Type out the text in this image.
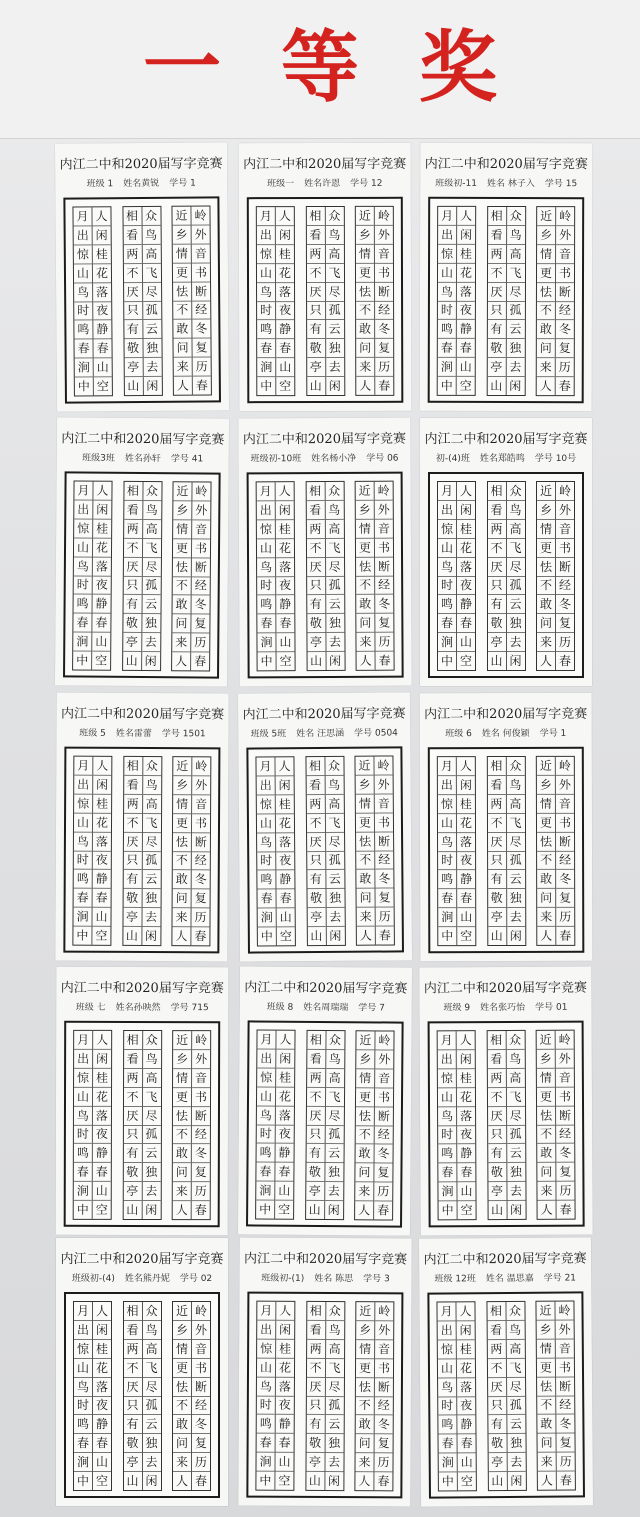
一等奖
内江二中和2020届写字竞赛
班级 1 姓名黄锐 学号 1
月
出
惊
山
鸟
时
鸣
春
涧
中
人
闲
桂
花
落
夜
静
春
山
空
相
看
两
不
厌
只
有
敬
亭
山
众
鸟
高
飞
尽
孤
云
独
去
闲
近
乡
情
更
怯
不
敢
问
来
人
岭
外
音
书
断
经
冬
复
历
春
内江二中和2020届写字竞赛
班级一 姓名许恩 学号 12
月
出
惊
山
鸟
时
鸣
春
涧
中
人
闲
桂
花
落
夜
静
春
山
空
相
看
两
不
厌
只
有
敬
亭
山
众
鸟
高
飞
尽
孤
云
独
去
闲
近
乡
情
更
怯
不
敢
问
来
人
岭
外
音
书
断
经
冬
复
历
春
内江二中和2020届写字竞赛
班级初-11 姓名 林子入 学号 15
月
出
惊
山
鸟
时
鸣
春
涧
中
人
闲
桂
花
落
夜
静
春
山
空
相
看
两
不
厌
只
有
敬
亭
山
众
鸟
高
飞
尽
孤
云
独
去
闲
近
乡
情
更
怯
不
敢
问
来
人
岭
外
音
书
断
经
冬
复
历
春
内江二中和2020届写字竞赛
班级3班 姓名孙轩 学号 41
月
出
惊
山
鸟
时
鸣
春
涧
中
人
闲
桂
花
落
夜
静
春
山
空
相
看
两
不
厌
只
有
敬
亭
山
众
鸟
高
飞
尽
孤
云
独
去
闲
近
乡
情
更
怯
不
敢
问
来
人
岭
外
音
书
断
经
冬
复
历
春
内江二中和2020届写字竞赛
班级初-10班 姓名杨小净 学号 06
月
出
惊
山
鸟
时
鸣
春
涧
中
人
闲
桂
花
落
夜
静
春
山
空
相
看
两
不
厌
只
有
敬
亭
山
众
鸟
高
飞
尽
孤
云
独
去
闲
近
乡
情
更
怯
不
敢
问
来
人
岭
外
音
书
断
经
冬
复
历
春
内江二中和2020届写字竞赛
初-(4)班 姓名郑皓鸣 学号 10号
月
出
惊
山
鸟
时
鸣
春
涧
中
人
闲
桂
花
落
夜
静
春
山
空
相
看
两
不
厌
只
有
敬
亭
山
众
鸟
高
飞
尽
孤
云
独
去
闲
近
乡
情
更
怯
不
敢
问
来
人
岭
外
音
书
断
经
冬
复
历
春
内江二中和2020届写字竞赛
班级 5 姓名雷蕾 学号 1501
月
出
惊
山
鸟
时
鸣
春
涧
中
人
闲
桂
花
落
夜
静
春
山
空
相
看
两
不
厌
只
有
敬
亭
山
众
鸟
高
飞
尽
孤
云
独
去
闲
近
乡
情
更
怯
不
敢
问
来
人
岭
外
音
书
断
经
冬
复
历
春
内江二中和2020届写字竞赛
班级 5班 姓名 汪思涵 学号 0504
月
出
惊
山
鸟
时
鸣
春
涧
中
人
闲
桂
花
落
夜
静
春
山
空
相
看
两
不
厌
只
有
敬
亭
山
众
鸟
高
飞
尽
孤
云
独
去
闲
近
乡
情
更
怯
不
敢
问
来
人
岭
外
音
书
断
经
冬
复
历
春
内江二中和2020届写字竞赛
班级 6 姓名 何俊颖 学号 1
月
出
惊
山
鸟
时
鸣
春
涧
中
人
闲
桂
花
落
夜
静
春
山
空
相
看
两
不
厌
只
有
敬
亭
山
众
鸟
高
飞
尽
孤
云
独
去
闲
近
乡
情
更
怯
不
敢
问
来
人
岭
外
音
书
断
经
冬
复
历
春
内江二中和2020届写字竞赛
班级 七 姓名孙映然 学号 715
月
出
惊
山
鸟
时
鸣
春
涧
中
人
闲
桂
花
落
夜
静
春
山
空
相
看
两
不
厌
只
有
敬
亭
山
众
鸟
高
飞
尽
孤
云
独
去
闲
近
乡
情
更
怯
不
敢
问
来
人
岭
外
音
书
断
经
冬
复
历
春
内江二中和2020届写字竞赛
班级 8 姓名周瑞瑞 学号 7
月
出
惊
山
鸟
时
鸣
春
涧
中
人
闲
桂
花
落
夜
静
春
山
空
相
看
两
不
厌
只
有
敬
亭
山
众
鸟
高
飞
尽
孤
云
独
去
闲
近
乡
情
更
怯
不
敢
问
来
人
岭
外
音
书
断
经
冬
复
历
春
内江二中和2020届写字竞赛
班级 9 姓名张巧怡 学号 01
月
出
惊
山
鸟
时
鸣
春
涧
中
人
闲
桂
花
落
夜
静
春
山
空
相
看
两
不
厌
只
有
敬
亭
山
众
鸟
高
飞
尽
孤
云
独
去
闲
近
乡
情
更
怯
不
敢
问
来
人
岭
外
音
书
断
经
冬
复
历
春
内江二中和2020届写字竞赛
班级初-(4) 姓名熊丹妮 学号 02
月
出
惊
山
鸟
时
鸣
春
涧
中
人
闲
桂
花
落
夜
静
春
山
空
相
看
两
不
厌
只
有
敬
亭
山
众
鸟
高
飞
尽
孤
云
独
去
闲
近
乡
情
更
怯
不
敢
问
来
人
岭
外
音
书
断
经
冬
复
历
春
内江二中和2020届写字竞赛
班级初-(1) 姓名 陈思 学号 3
月
出
惊
山
鸟
时
鸣
春
涧
中
人
闲
桂
花
落
夜
静
春
山
空
相
看
两
不
厌
只
有
敬
亭
山
众
鸟
高
飞
尽
孤
云
独
去
闲
近
乡
情
更
怯
不
敢
问
来
人
岭
外
音
书
断
经
冬
复
历
春
内江二中和2020届写字竞赛
班级 12班 姓名 温思嘉 学号 21
月
出
惊
山
鸟
时
鸣
春
涧
中
人
闲
桂
花
落
夜
静
春
山
空
相
看
两
不
厌
只
有
敬
亭
山
众
鸟
高
飞
尽
孤
云
独
去
闲
近
乡
情
更
怯
不
敢
问
来
人
岭
外
音
书
断
经
冬
复
历
春
